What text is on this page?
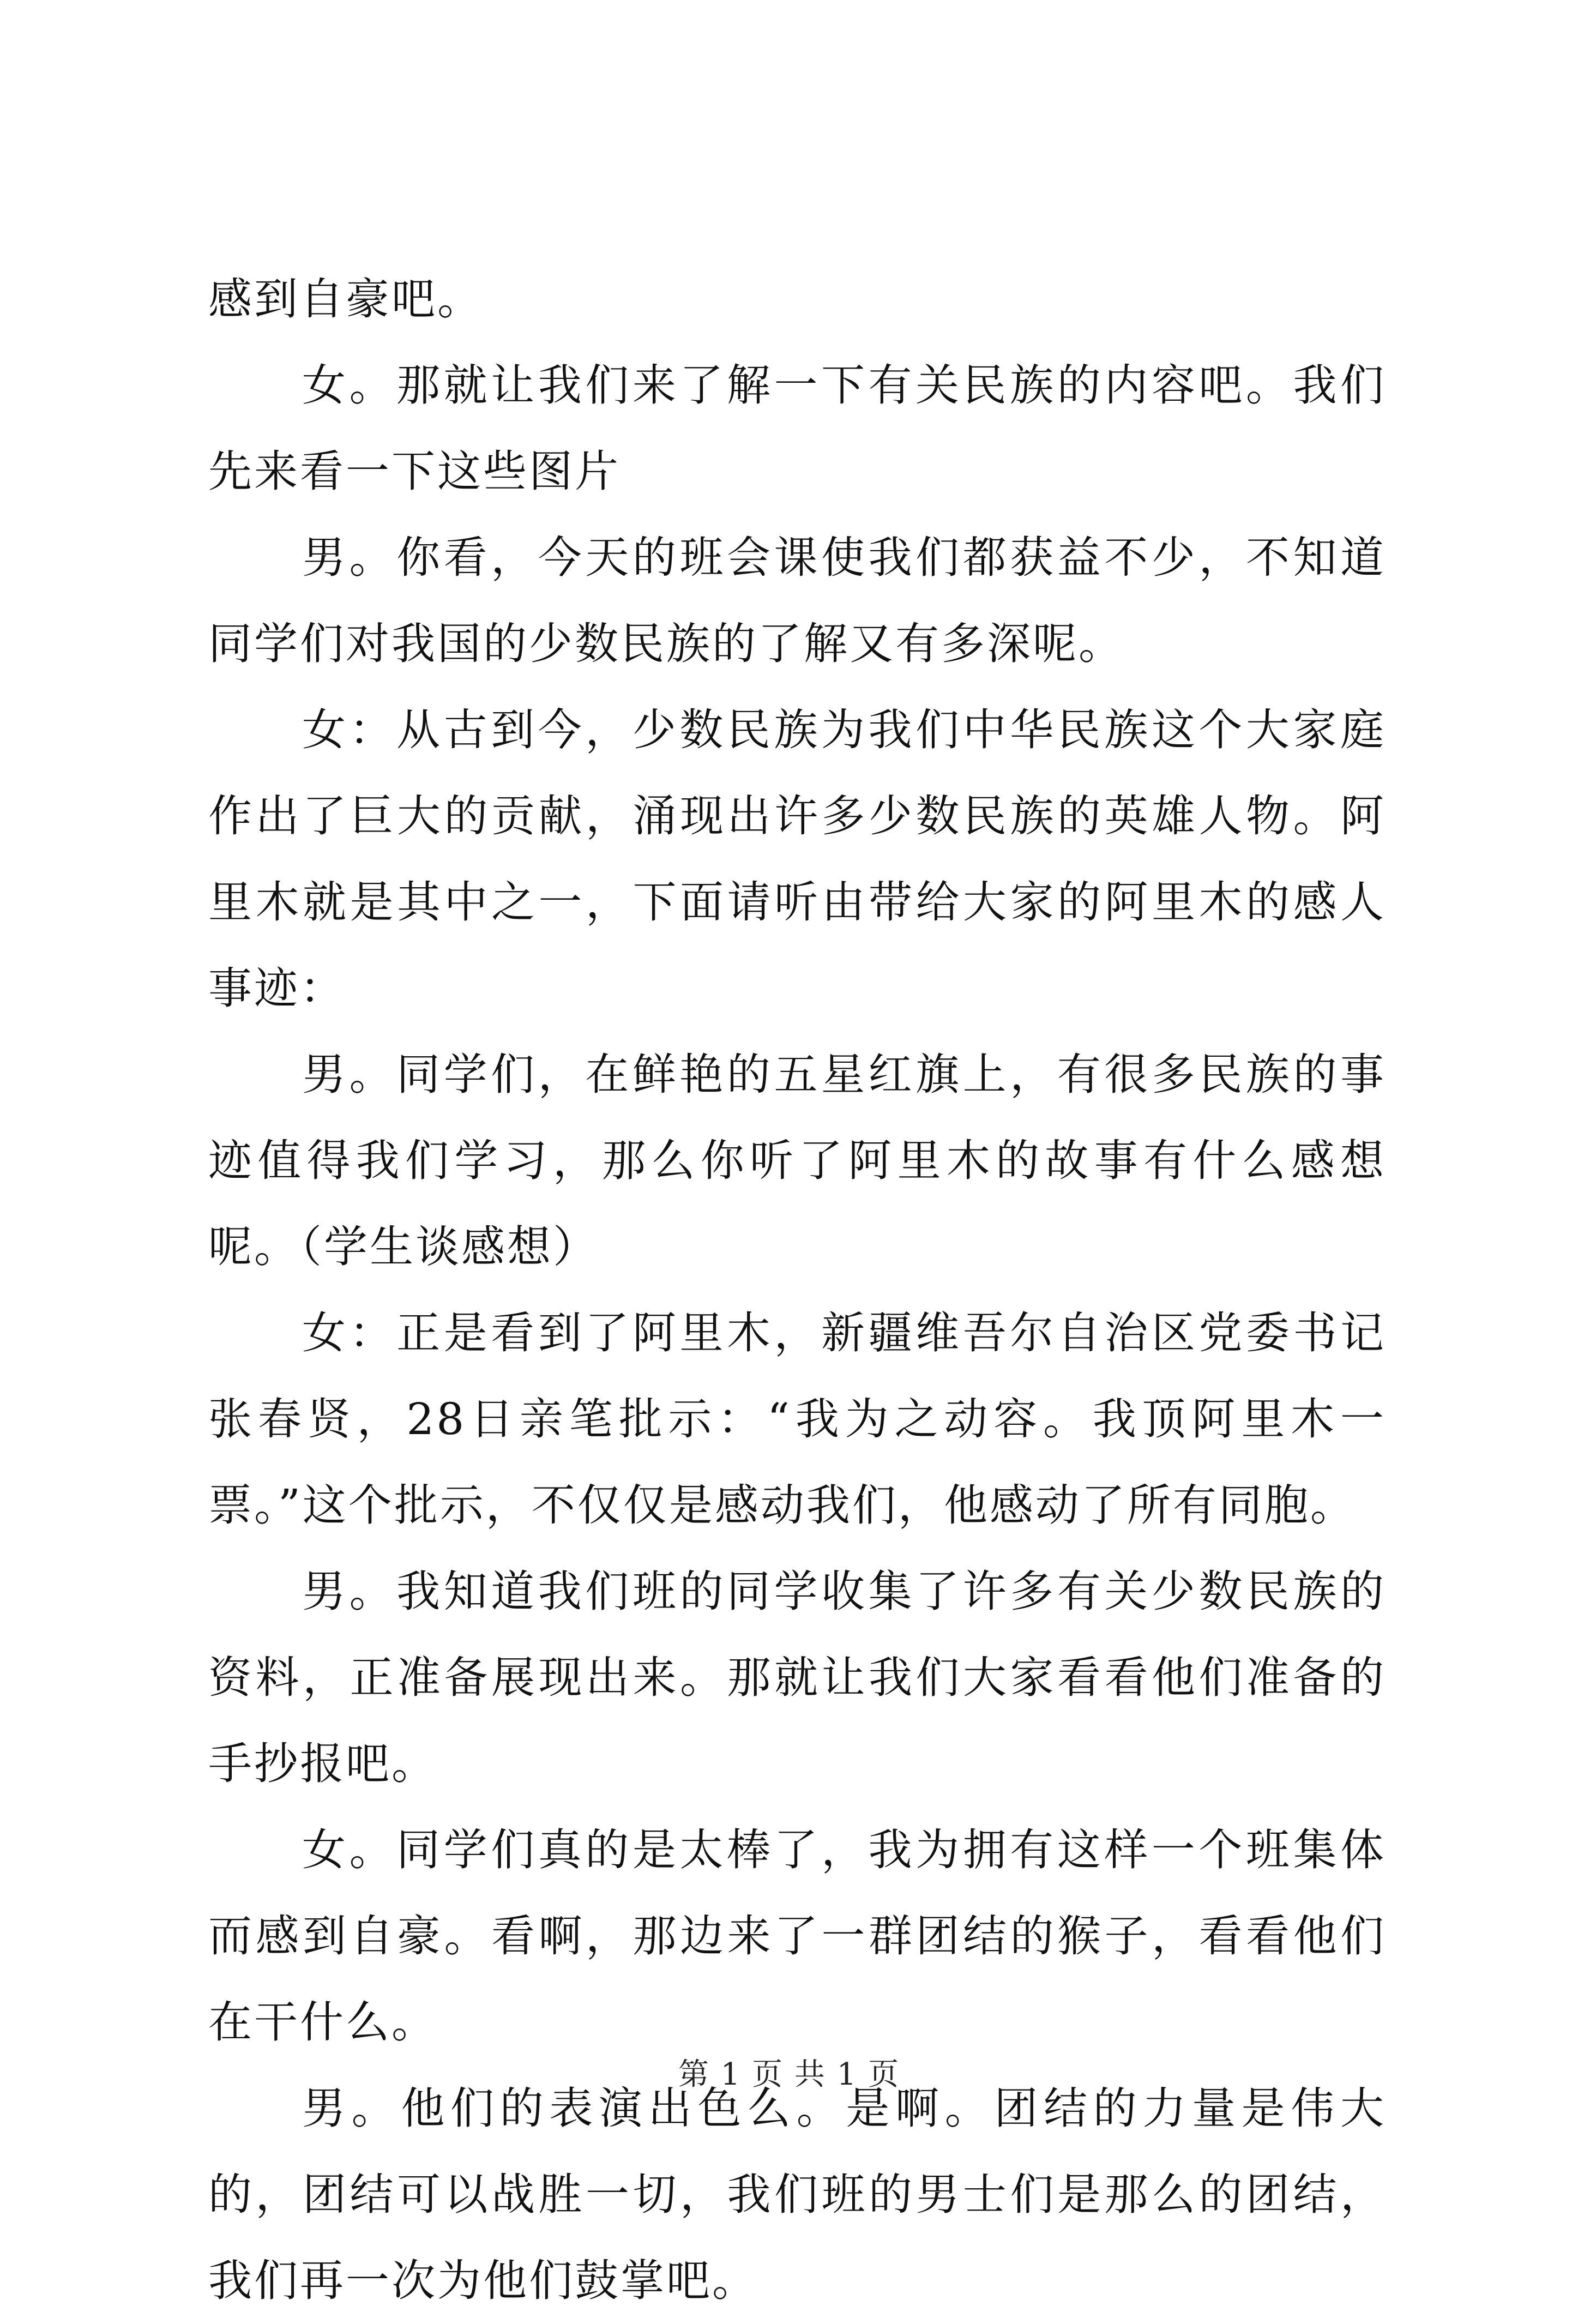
感到自豪吧。

女。那就让我们来了解一下有关民族的内容吧。我们先来看一下这些图片

男。你看，今天的班会课使我们都获益不少，不知道同学们对我国的少数民族的了解又有多深呢。

女：从古到今，少数民族为我们中华民族这个大家庭作出了巨大的贡献，涌现出许多少数民族的英雄人物。阿里木就是其中之一，下面请听由带给大家的阿里木的感人事迹：

男。同学们，在鲜艳的五星红旗上，有很多民族的事迹值得我们学习，那么你听了阿里木的故事有什么感想呢。（学生谈感想）

女：正是看到了阿里木，新疆维吾尔自治区党委书记张春贤，28日亲笔批示：“我为之动容。我顶阿里木一票。”这个批示，不仅仅是感动我们，他感动了所有同胞。

男。我知道我们班的同学收集了许多有关少数民族的资料，正准备展现出来。那就让我们大家看看他们准备的手抄报吧。

女。同学们真的是太棒了，我为拥有这样一个班集体而感到自豪。看啊，那边来了一群团结的猴子，看看他们在干什么。

男。他们的表演出色么。是啊。团结的力量是伟大的，团结可以战胜一切，我们班的男士们是那么的团结，我们再一次为他们鼓掌吧。

第 1 页 共 1 页
